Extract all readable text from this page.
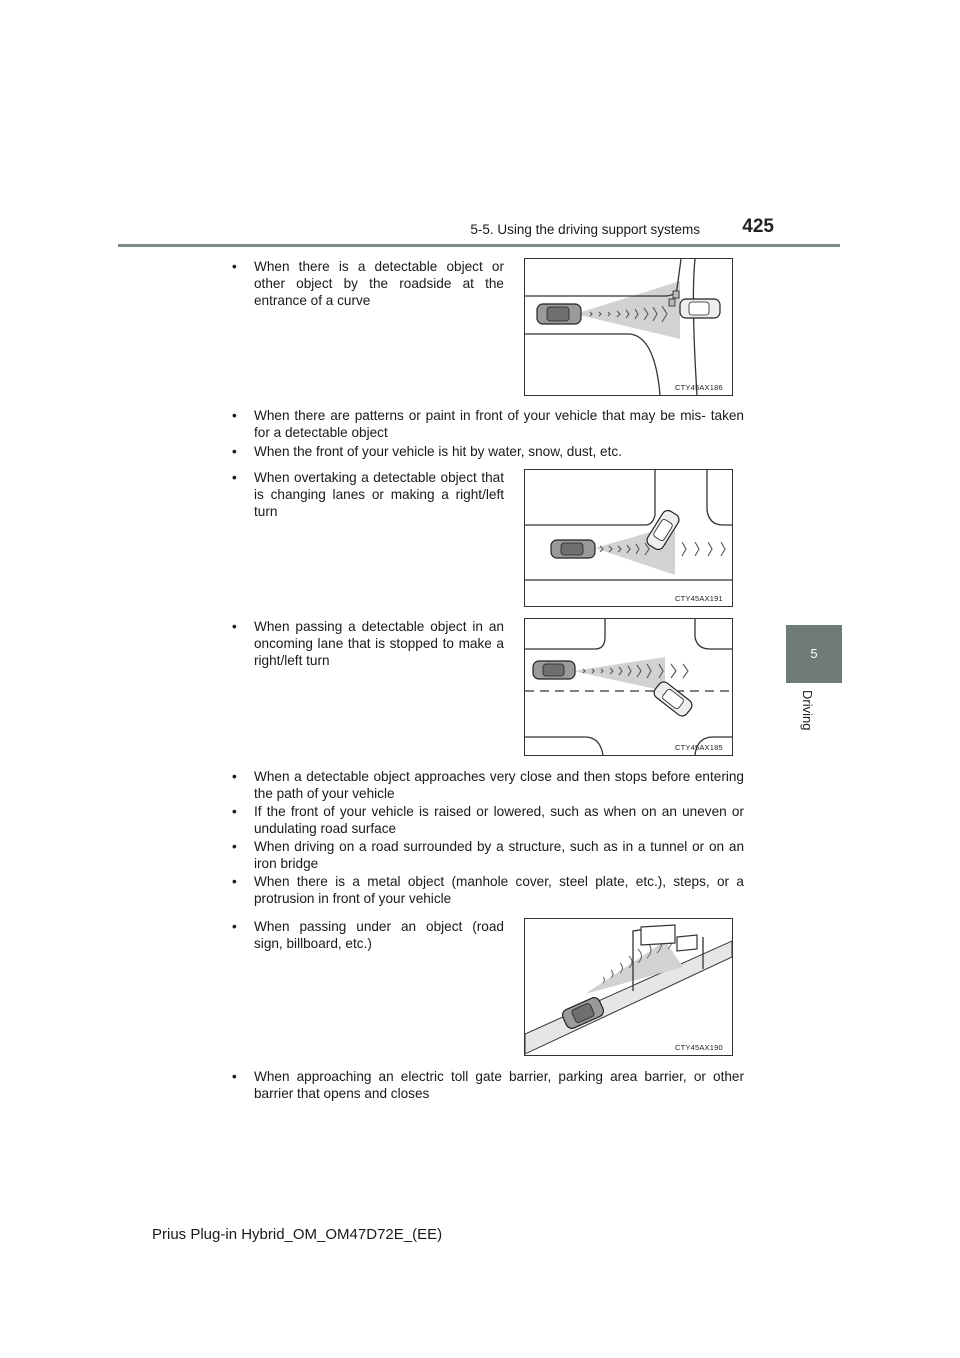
5-5. Using the driving support systems	425
5
Driving
• When there is a detectable object or other object by the roadside at the entrance of a curve
CTY45AX186
• When there are patterns or paint in front of your vehicle that may be mis- taken for a detectable object
• When the front of your vehicle is hit by water, snow, dust, etc.
• When overtaking a detectable object that is changing lanes or making a right/left turn
CTY45AX191
• When passing a detectable object in an oncoming lane that is stopped to make a right/left turn
CTY45AX185
• When a detectable object approaches very close and then stops before entering the path of your vehicle
• If the front of your vehicle is raised or lowered, such as when on an uneven or undulating road surface
• When driving on a road surrounded by a structure, such as in a tunnel or on an iron bridge
• When there is a metal object (manhole cover, steel plate, etc.), steps, or a protrusion in front of your vehicle
• When passing under an object (road sign, billboard, etc.)
CTY45AX190
• When approaching an electric toll gate barrier, parking area barrier, or other barrier that opens and closes
Prius Plug-in Hybrid_OM_OM47D72E_(EE)
